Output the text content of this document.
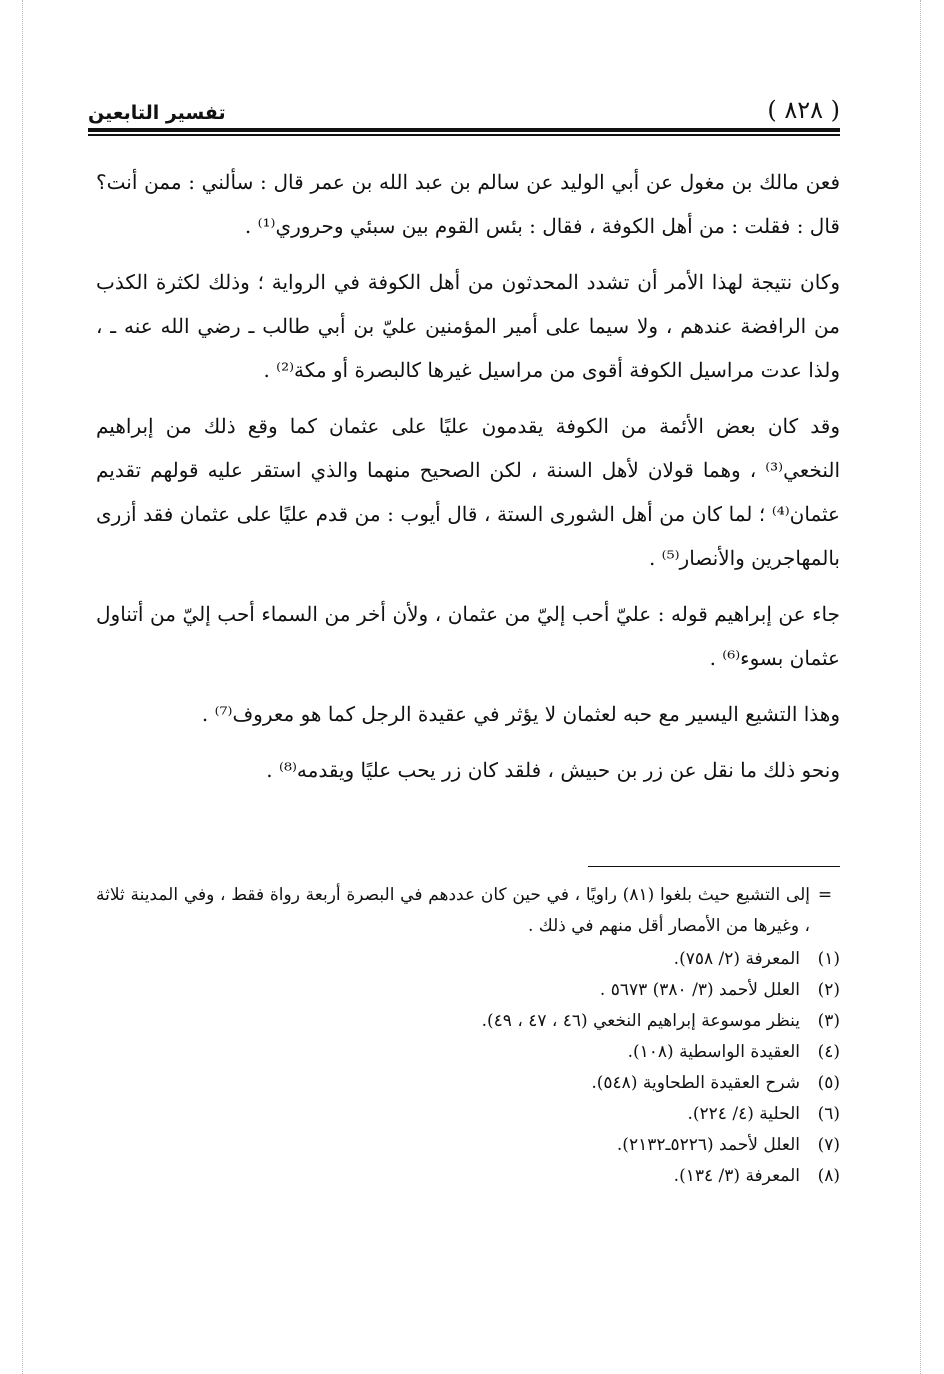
( ٨٢٨ )
تفسير التابعين

فعن مالك بن مغول عن أبي الوليد عن سالم بن عبد الله بن عمر قال : سألني : ممن أنت؟ قال : فقلت : من أهل الكوفة ، فقال : بئس القوم بين سبئي وحروري⁽¹⁾ .

وكان نتيجة لهذا الأمر أن تشدد المحدثون من أهل الكوفة في الرواية ؛ وذلك لكثرة الكذب من الرافضة عندهم ، ولا سيما على أمير المؤمنين عليّ بن أبي طالب ـ رضي الله عنه ـ ، ولذا عدت مراسيل الكوفة أقوى من مراسيل غيرها كالبصرة أو مكة⁽²⁾ .

وقد كان بعض الأئمة من الكوفة يقدمون عليًا على عثمان كما وقع ذلك من إبراهيم النخعي⁽³⁾ ، وهما قولان لأهل السنة ، لكن الصحيح منهما والذي استقر عليه قولهم تقديم عثمان⁽⁴⁾ ؛ لما كان من أهل الشورى الستة ، قال أيوب : من قدم عليًا على عثمان فقد أزرى بالمهاجرين والأنصار⁽⁵⁾ .

جاء عن إبراهيم قوله : عليّ أحب إليّ من عثمان ، ولأن أخر من السماء أحب إليّ من أتناول عثمان بسوء⁽⁶⁾ .

وهذا التشيع اليسير مع حبه لعثمان لا يؤثر في عقيدة الرجل كما هو معروف⁽⁷⁾ .

ونحو ذلك ما نقل عن زر بن حبيش ، فلقد كان زر يحب عليًا ويقدمه⁽⁸⁾ .

=
إلى التشيع حيث بلغوا (٨١) راويًا ، في حين كان عددهم في البصرة أربعة رواة فقط ، وفي المدينة ثلاثة ، وغيرها من الأمصار أقل منهم في ذلك .
(١)
المعرفة (٢/ ٧٥٨).
(٢)
العلل لأحمد (٣/ ٣٨٠) ٥٦٧٣ .
(٣)
ينظر موسوعة إبراهيم النخعي (٤٦ ، ٤٧ ، ٤٩).
(٤)
العقيدة الواسطية (١٠٨).
(٥)
شرح العقيدة الطحاوية (٥٤٨).
(٦)
الحلية (٤/ ٢٢٤).
(٧)
العلل لأحمد (٥٢٢٦ـ٢١٣٢).
(٨)
المعرفة (٣/ ١٣٤).
